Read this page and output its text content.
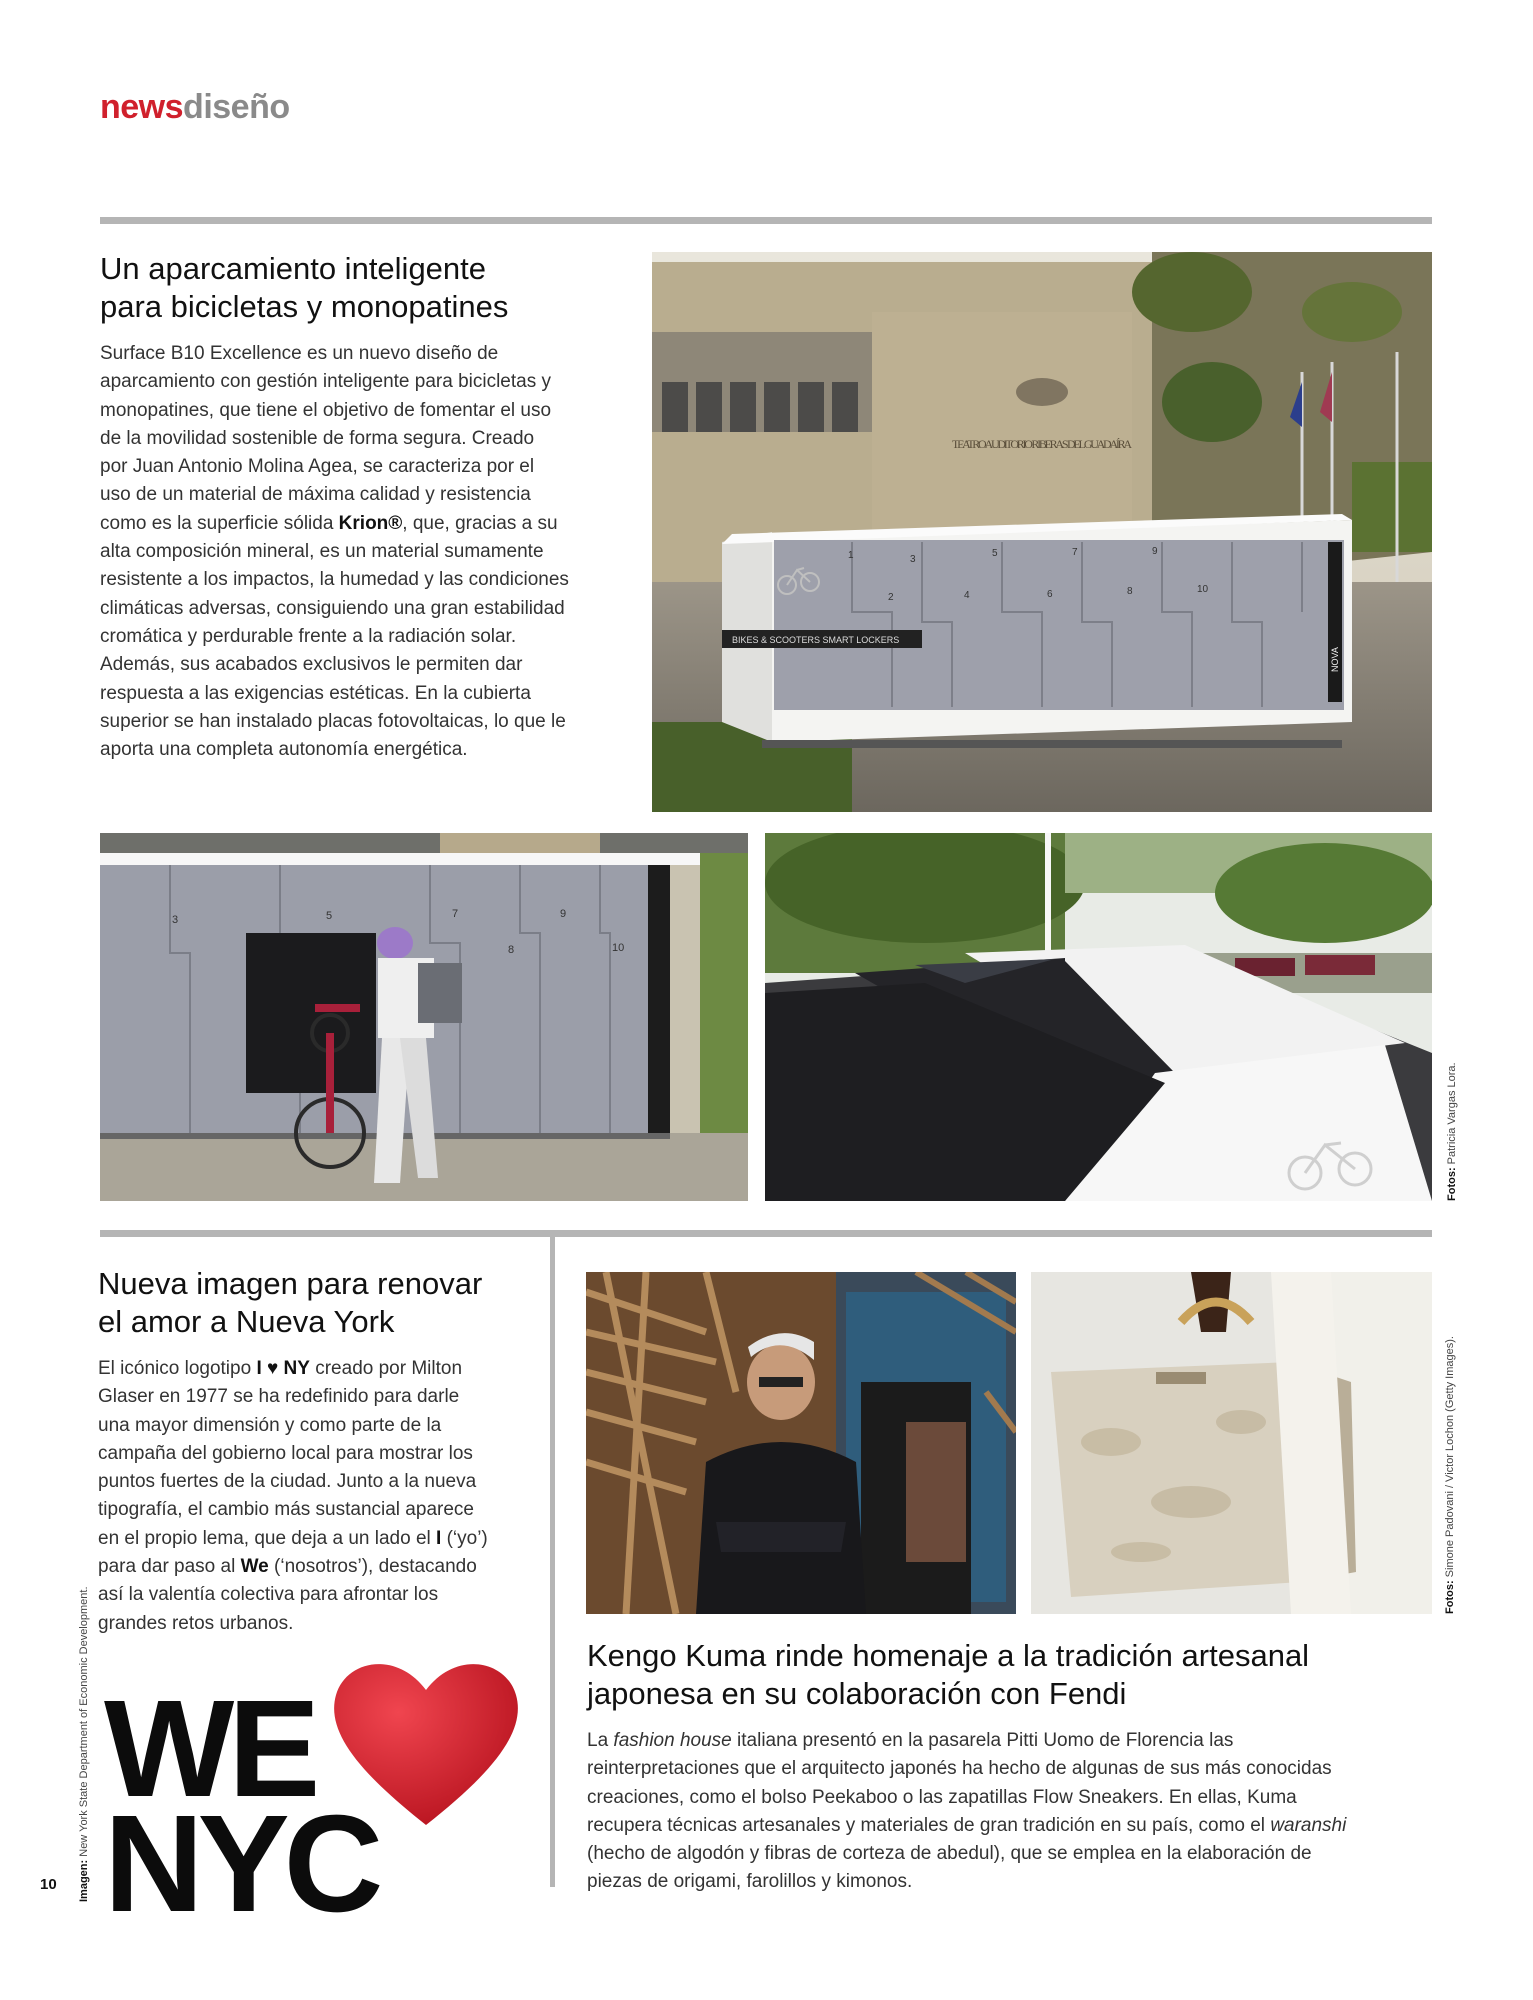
newsdiseño
Un aparcamiento inteligente
para bicicletas y monopatines
Surface B10 Excellence es un nuevo diseño de
aparcamiento con gestión inteligente para bicicletas y
monopatines, que tiene el objetivo de fomentar el uso
de la movilidad sostenible de forma segura. Creado
por Juan Antonio Molina Agea, se caracteriza por el
uso de un material de máxima calidad y resistencia
como es la superficie sólida Krion®, que, gracias a su
alta composición mineral, es un material sumamente
resistente a los impactos, la humedad y las condiciones
climáticas adversas, consiguiendo una gran estabilidad
cromática y perdurable frente a la radiación solar.
Además, sus acabados exclusivos le permiten dar
respuesta a las exigencias estéticas. En la cubierta
superior se han instalado placas fotovoltaicas, lo que le
aporta una completa autonomía energética.
TEATRO AUDITORIO RIBERAS DEL GUADAÍRA
BIKES & SCOOTERS SMART LOCKERS
NOVA
3
2
1	5
6
4
7
8
9
10
3	5	7
8
9
10
Fotos: Patricia Vargas Lora.
Nueva imagen para renovar
el amor a Nueva York
El icónico logotipo I ♥ NY creado por Milton
Glaser en 1977 se ha redefinido para darle
una mayor dimensión y como parte de la
campaña del gobierno local para mostrar los
puntos fuertes de la ciudad. Junto a la nueva
tipografía, el cambio más sustancial aparece
en el propio lema, que deja a un lado el I (‘yo’)
para dar paso al We (‘nosotros’), destacando
así la valentía colectiva para afrontar los
grandes retos urbanos.
WE
NYC
Imagen: New York State Department of Economic Development.
10
Fotos: Simone Padovani / Victor Lochon (Getty Images).
Kengo Kuma rinde homenaje a la tradición artesanal
japonesa en su colaboración con Fendi
La fashion house italiana presentó en la pasarela Pitti Uomo de Florencia las
reinterpretaciones que el arquitecto japonés ha hecho de algunas de sus más conocidas
creaciones, como el bolso Peekaboo o las zapatillas Flow Sneakers. En ellas, Kuma
recupera técnicas artesanales y materiales de gran tradición en su país, como el waranshi
(hecho de algodón y fibras de corteza de abedul), que se emplea en la elaboración de
piezas de origami, farolillos y kimonos.
